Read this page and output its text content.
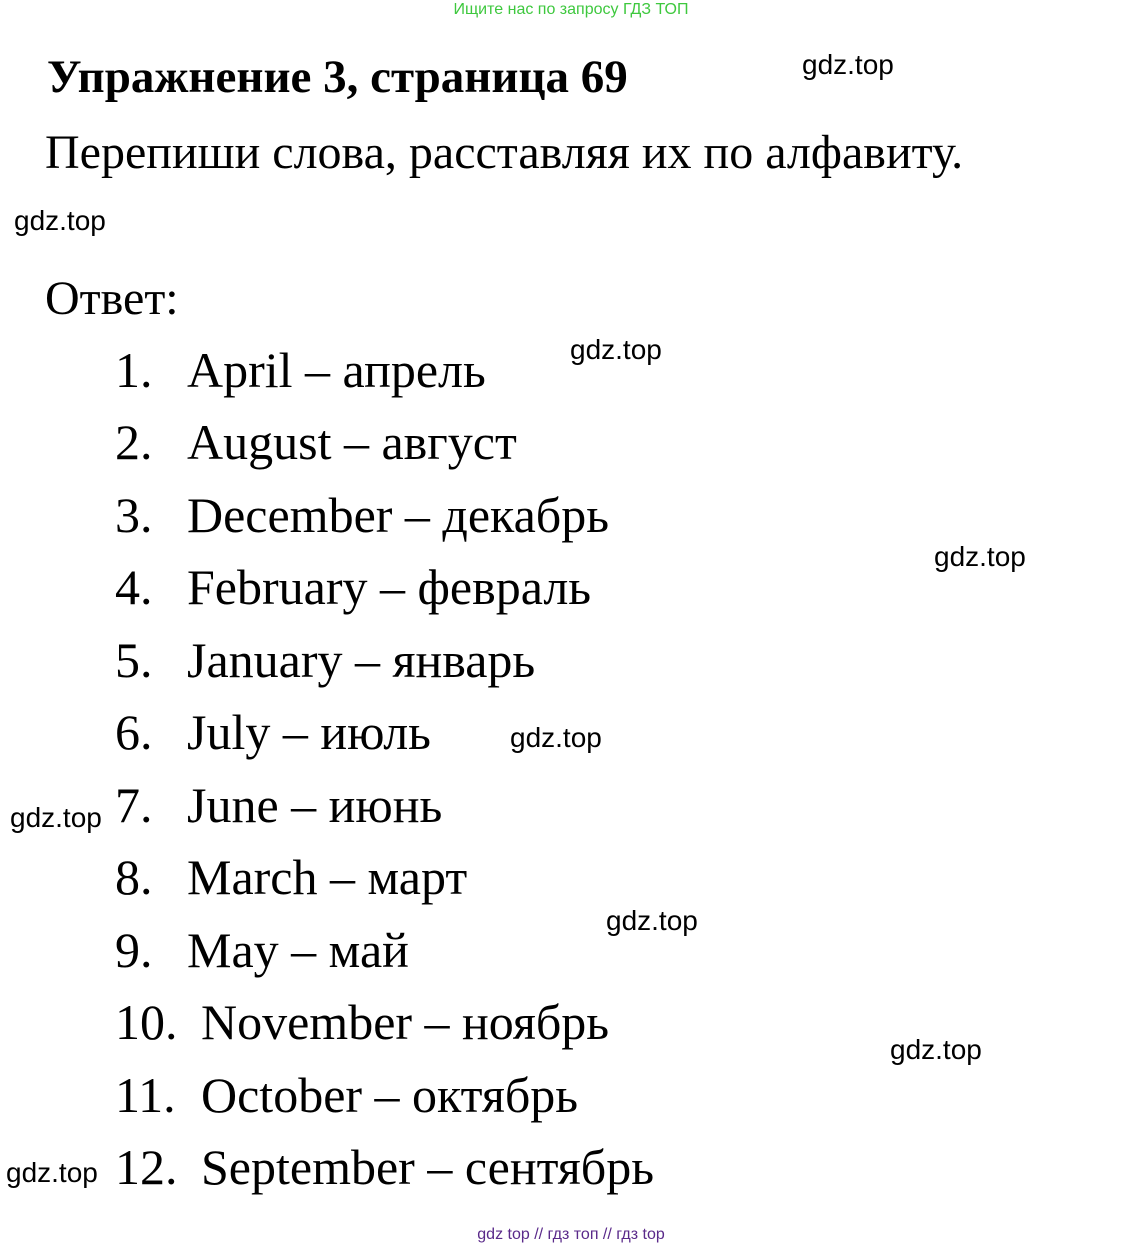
Ищите нас по запросу ГДЗ ТОП
Упражнение 3, страница 69
Перепиши слова, расставляя их по алфавиту.
Ответ:
1. April – апрель
2. August – август
3. December – декабрь
4. February – февраль
5. January – январь
6. July – июль
7. June – июнь
8. March – март
9. May – май
10. November – ноябрь
11. October – октябрь
12. September – сентябрь
gdz.top
gdz.top
gdz.top
gdz.top
gdz.top
gdz.top
gdz.top
gdz.top
gdz.top
gdz top // гдз топ // гдз top
